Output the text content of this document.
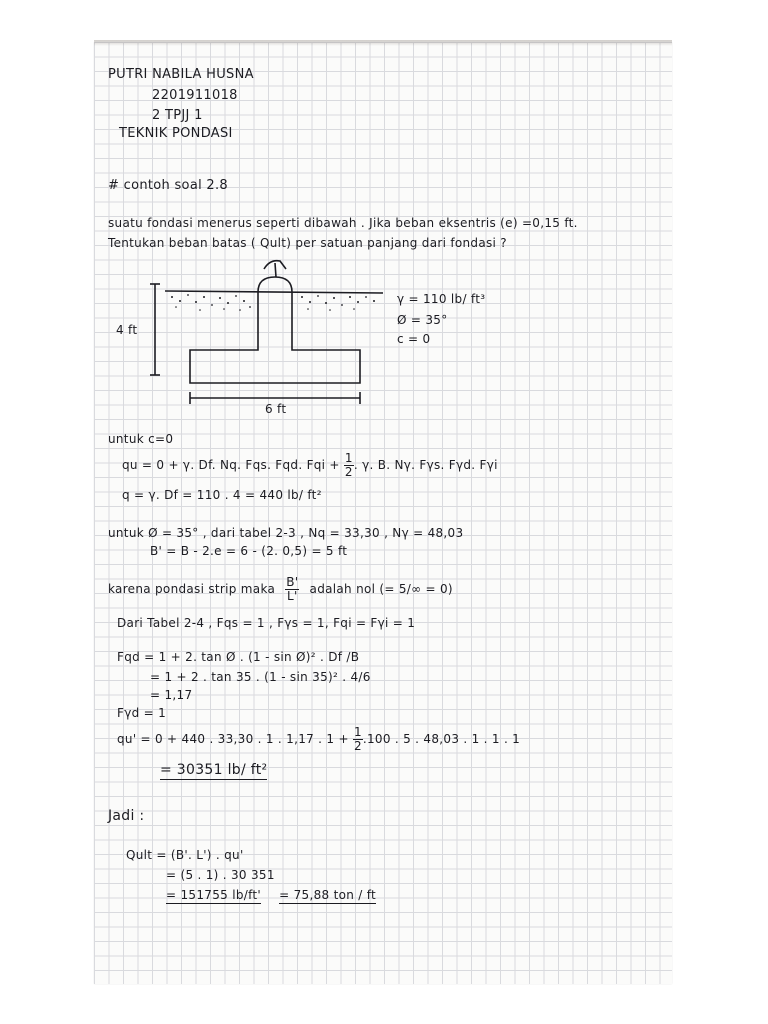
PUTRI NABILA HUSNA
2201911018
2 TPJJ 1
TEKNIK PONDASI
# contoh soal 2.8
suatu fondasi menerus seperti dibawah . Jika beban eksentris (e) =0,15 ft.
Tentukan beban batas ( Qult) per satuan panjang dari fondasi ?
4 ft
6 ft
γ = 110 lb/ ft³
Ø = 35°
c = 0
untuk c=0
qu = 0 + γ. Df. Nq. Fqs. Fqd. Fqi + $\frac{1}{2}$ . γ. B. Nγ. Fγs. Fγd. Fγi
q = γ. Df = 110 . 4 = 440 lb/ ft²
untuk Ø = 35° , dari tabel 2-3 , Nq = 33,30 , Nγ = 48,03
B' = B - 2.e = 6 - (2. 0,5) = 5 ft
karena pondasi strip maka $\frac{B'}{L'}$ adalah nol (= 5/∞ = 0)
Dari Tabel 2-4 , Fqs = 1 , Fγs = 1, Fqi = Fγi = 1
Fqd = 1 + 2. tan Ø . (1 - sin Ø)² . Df /B
= 1 + 2 . tan 35 . (1 - sin 35)² . 4/6
= 1,17
Fγd = 1
qu' = 0 + 440 . 33,30 . 1 . 1,17 . $1 + \frac{1}{2} .100$ . 5 . 48,03 . 1 . 1 . 1
= 30351 lb/ ft²
Jadi :
Qult = (B'. L') . qu'
= (5 . 1) . 30 351
= 151755 lb/ft' = 75,88 ton / ft
